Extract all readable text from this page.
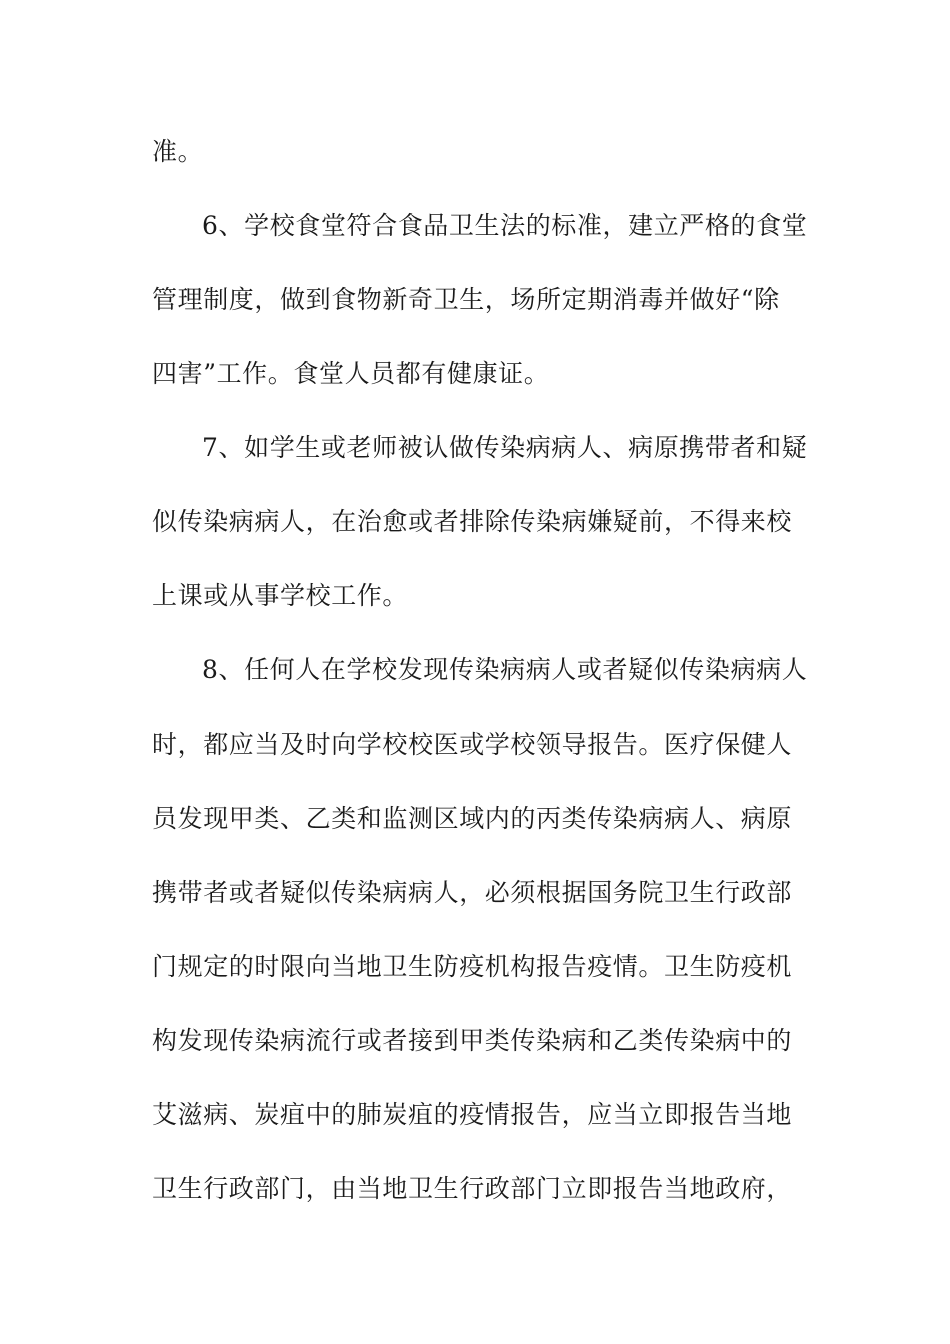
准。
6、学校食堂符合食品卫生法的标准，建立严格的食堂
管理制度，做到食物新奇卫生，场所定期消毒并做好“除
四害”工作。食堂人员都有健康证。
7、如学生或老师被认做传染病病人、病原携带者和疑
似传染病病人，在治愈或者排除传染病嫌疑前，不得来校
上课或从事学校工作。
8、任何人在学校发现传染病病人或者疑似传染病病人
时，都应当及时向学校校医或学校领导报告。医疗保健人
员发现甲类、乙类和监测区域内的丙类传染病病人、病原
携带者或者疑似传染病病人，必须根据国务院卫生行政部
门规定的时限向当地卫生防疫机构报告疫情。卫生防疫机
构发现传染病流行或者接到甲类传染病和乙类传染病中的
艾滋病、炭疽中的肺炭疽的疫情报告，应当立即报告当地
卫生行政部门，由当地卫生行政部门立即报告当地政府，
